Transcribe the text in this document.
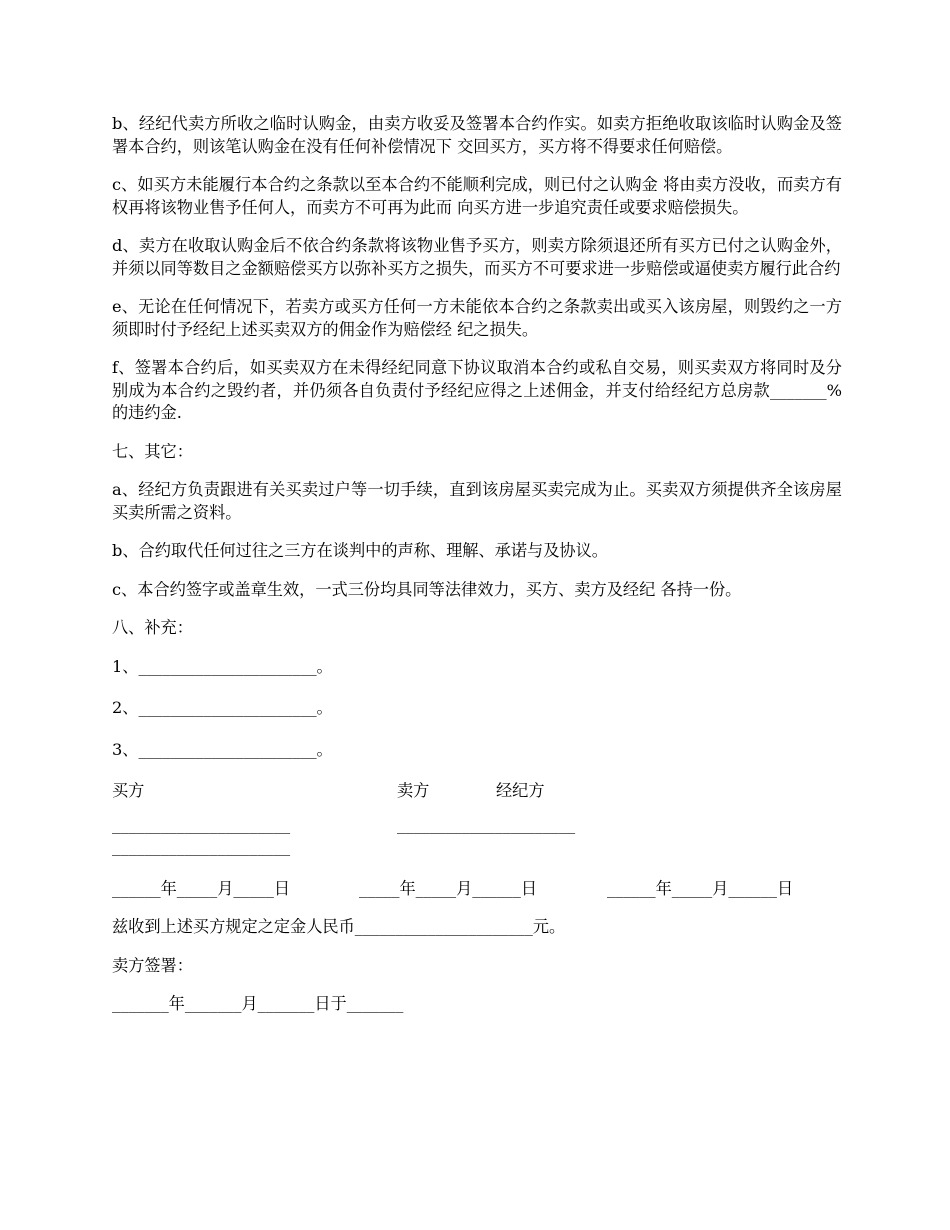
b、经纪代卖方所收之临时认购金，由卖方收妥及签署本合约作实。如卖方拒绝收取该临时认购金及签署本合约，则该笔认购金在没有任何补偿情况下 交回买方，买方将不得要求任何赔偿。

c、如买方未能履行本合约之条款以至本合约不能顺利完成，则已付之认购金 将由卖方没收，而卖方有权再将该物业售予任何人，而卖方不可再为此而 向买方进一步追究责任或要求赔偿损失。

d、卖方在收取认购金后不依合约条款将该物业售予买方，则卖方除须退还所有买方已付之认购金外，并须以同等数目之金额赔偿买方以弥补买方之损失，而买方不可要求进一步赔偿或逼使卖方履行此合约

e、无论在任何情况下，若卖方或买方任何一方未能依本合约之条款卖出或买入该房屋，则毁约之一方须即时付予经纪上述买卖双方的佣金作为赔偿经 纪之损失。

f、签署本合约后，如买卖双方在未得经纪同意下协议取消本合约或私自交易，则买卖双方将同时及分别成为本合约之毁约者，并仍须各自负责付予经纪应得之上述佣金，并支付给经纪方总房款_______%的违约金.

七、其它：

a、经纪方负责跟进有关买卖过户等一切手续，直到该房屋买卖完成为止。买卖双方须提供齐全该房屋买卖所需之资料。

b、合约取代任何过往之三方在谈判中的声称、理解、承诺与及协议。

c、本合约签字或盖章生效，一式三份均具同等法律效力，买方、卖方及经纪 各持一份。

八、补充：

1、______________________。

2、______________________。

3、______________________。

买方	卖方	经纪方
______________________	______________________
______________________
______年_____月_____日	_____年_____月______日	______年_____月______日

兹收到上述买方规定之定金人民币______________________元。

卖方签署：

_______年_______月_______日于_______
